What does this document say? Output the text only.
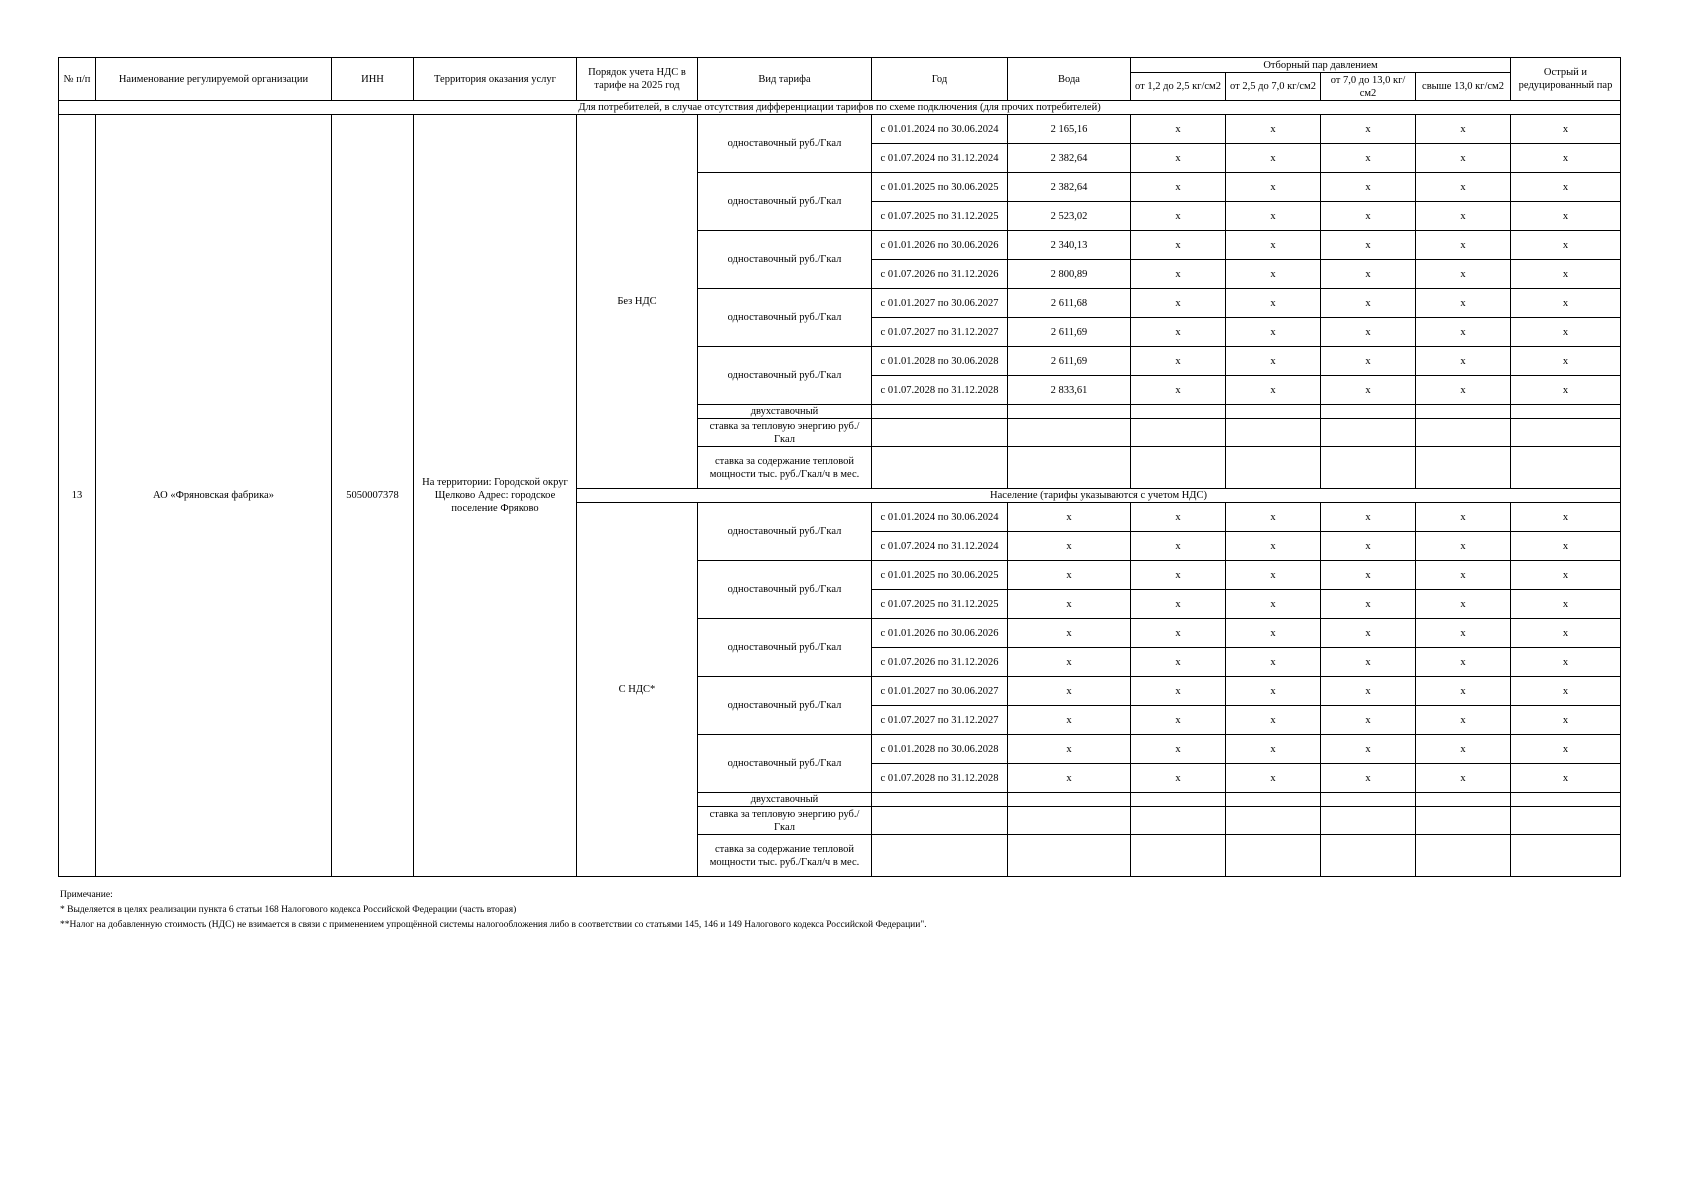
№ п/п	Наименование регулируемой организации	ИНН	Территория оказания услуг	Порядок учета НДС в тарифе на 2025 год	Вид тарифа	Год	Вода	Отборный пар давлением				Острый и редуцированный пар
								от 1,2 до 2,5 кг/см2	от 2,5 до 7,0 кг/см2	от 7,0 до 13,0 кг/см2	свыше 13,0 кг/см2	
Для потребителей, в случае отсутствия дифференциации тарифов по схеме подключения (для прочих потребителей)												
13	АО «Фряновская фабрика»	5050007378	На территории: Городской округ Щелково Адрес: городское поселение Фряково	Без НДС	одноставочный руб./Гкал	с 01.01.2024 по 30.06.2024	2 165,16	x	x	x	x	x
						с 01.07.2024 по 31.12.2024	2 382,64	x	x	x	x	x
					одноставочный руб./Гкал	с 01.01.2025 по 30.06.2025	2 382,64	x	x	x	x	x
						с 01.07.2025 по 31.12.2025	2 523,02	x	x	x	x	x
					одноставочный руб./Гкал	с 01.01.2026 по 30.06.2026	2 340,13	x	x	x	x	x
						с 01.07.2026 по 31.12.2026	2 800,89	x	x	x	x	x
					одноставочный руб./Гкал	с 01.01.2027 по 30.06.2027	2 611,68	x	x	x	x	x
						с 01.07.2027 по 31.12.2027	2 611,69	x	x	x	x	x
					одноставочный руб./Гкал	с 01.01.2028 по 30.06.2028	2 611,69	x	x	x	x	x
						с 01.07.2028 по 31.12.2028	2 833,61	x	x	x	x	x
					двухставочный							
					ставка за тепловую энергию руб./Гкал							
					ставка за содержание тепловой мощности тыс. руб./Гкал/ч в мес.							
				Население (тарифы указываются с учетом НДС)								
				С НДС*	одноставочный руб./Гкал	с 01.01.2024 по 30.06.2024	x	x	x	x	x	x
						с 01.07.2024 по 31.12.2024	x	x	x	x	x	x
					одноставочный руб./Гкал	с 01.01.2025 по 30.06.2025	x	x	x	x	x	x
						с 01.07.2025 по 31.12.2025	x	x	x	x	x	x
					одноставочный руб./Гкал	с 01.01.2026 по 30.06.2026	x	x	x	x	x	x
						с 01.07.2026 по 31.12.2026	x	x	x	x	x	x
					одноставочный руб./Гкал	с 01.01.2027 по 30.06.2027	x	x	x	x	x	x
						с 01.07.2027 по 31.12.2027	x	x	x	x	x	x
					одноставочный руб./Гкал	с 01.01.2028 по 30.06.2028	x	x	x	x	x	x
						с 01.07.2028 по 31.12.2028	x	x	x	x	x	x
					двухставочный							
					ставка за тепловую энергию руб./Гкал							
					ставка за содержание тепловой мощности тыс. руб./Гкал/ч в мес.							
Примечание:
* Выделяется в целях реализации пункта 6 статьи 168 Налогового кодекса Российской Федерации (часть вторая)
**Налог на добавленную стоимость (НДС) не взимается в связи с применением упрощённой системы налогообложения либо в соответствии со статьями 145, 146 и 149 Налогового кодекса Российской Федерации".
